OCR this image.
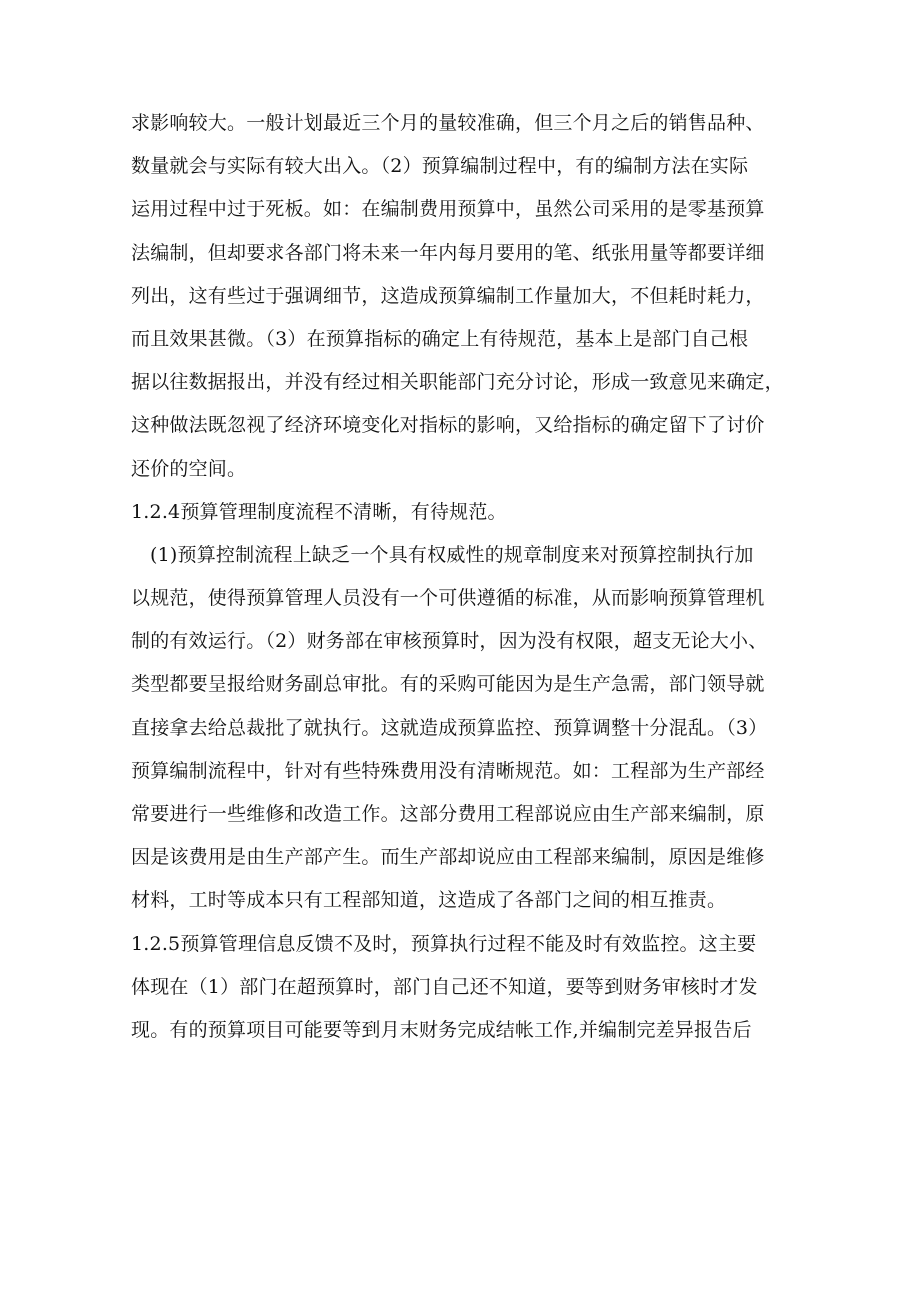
求影响较大。一般计划最近三个月的量较准确，但三个月之后的销售品种、
数量就会与实际有较大出入。（2）预算编制过程中，有的编制方法在实际
运用过程中过于死板。如：在编制费用预算中，虽然公司采用的是零基预算
法编制，但却要求各部门将未来一年内每月要用的笔、纸张用量等都要详细
列出，这有些过于强调细节，这造成预算编制工作量加大，不但耗时耗力，
而且效果甚微。（3）在预算指标的确定上有待规范，基本上是部门自己根
据以往数据报出，并没有经过相关职能部门充分讨论，形成一致意见来确定，
这种做法既忽视了经济环境变化对指标的影响，又给指标的确定留下了讨价
还价的空间。
1.2.4预算管理制度流程不清晰，有待规范。
(1)预算控制流程上缺乏一个具有权威性的规章制度来对预算控制执行加
以规范，使得预算管理人员没有一个可供遵循的标准，从而影响预算管理机
制的有效运行。（2）财务部在审核预算时，因为没有权限，超支无论大小、
类型都要呈报给财务副总审批。有的采购可能因为是生产急需，部门领导就
直接拿去给总裁批了就执行。这就造成预算监控、预算调整十分混乱。（3）
预算编制流程中，针对有些特殊费用没有清晰规范。如：工程部为生产部经
常要进行一些维修和改造工作。这部分费用工程部说应由生产部来编制，原
因是该费用是由生产部产生。而生产部却说应由工程部来编制，原因是维修
材料，工时等成本只有工程部知道，这造成了各部门之间的相互推责。
1.2.5预算管理信息反馈不及时，预算执行过程不能及时有效监控。这主要
体现在（1）部门在超预算时，部门自己还不知道，要等到财务审核时才发
现。有的预算项目可能要等到月末财务完成结帐工作,并编制完差异报告后
